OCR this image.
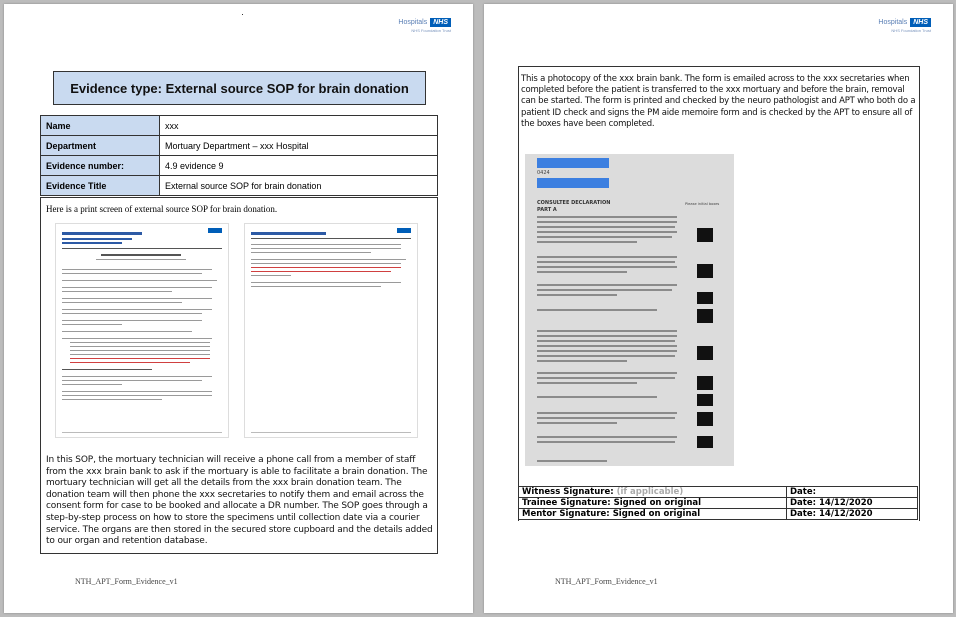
Hospitals NHS
NHS Foundation Trust
Evidence type: External source SOP for brain donation
Name	xxx
Department	Mortuary Department – xxx Hospital
Evidence number:	4.9 evidence 9
Evidence Title	External source SOP for brain donation
Here is a print screen of external source SOP for brain donation.
In this SOP, the mortuary technician will receive a phone call from a member of staff from the xxx brain bank to ask if the mortuary is able to facilitate a brain donation. The mortuary technician will get all the details from the xxx brain donation team. The donation team will then phone the xxx secretaries to notify them and email across the consent form for case to be booked and allocate a DR number. The SOP goes through a step-by-step process on how to store the specimens until collection date via a courier service. The organs are then stored in the secured store cupboard and the details added to our organ and retention database.
NTH_APT_Form_Evidence_v1
Hospitals NHS
NHS Foundation Trust
This a photocopy of the xxx brain bank. The form is emailed across to the xxx secretaries when completed before the patient is transferred to the xxx mortuary and before the brain, removal can be started. The form is printed and checked by the neuro pathologist and APT who both do a patient ID check and signs the PM aide memoire form and is checked by the APT to ensure all of the boxes have been completed.
0424
CONSULTEE DECLARATION
PART A
Please initial boxes
Witness Signature: (if applicable)	Date:
Trainee Signature: Signed on original	Date: 14/12/2020
Mentor Signature: Signed on original	Date: 14/12/2020
NTH_APT_Form_Evidence_v1
